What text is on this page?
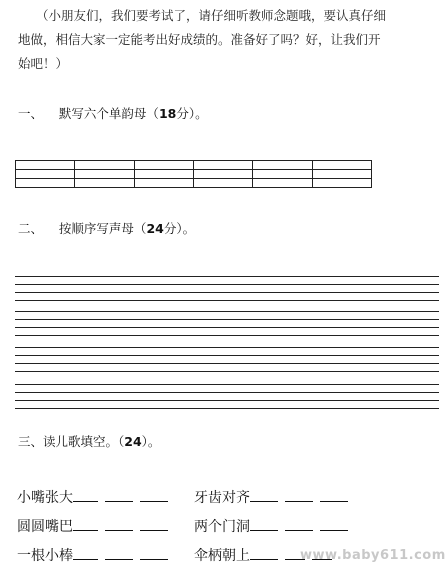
（小朋友们，我们要考试了，请仔细听教师念题哦，要认真仔细

地做，相信大家一定能考出好成绩的。准备好了吗？好，让我们开

始吧！）

一、 默写六个单韵母（18分）。

二、 按顺序写声母（24分）。
三、读儿歌填空。（24）。
小嘴张大	牙齿对齐
圆圆嘴巴	两个门洞
一根小棒	伞柄朝上	www.baby611.com
